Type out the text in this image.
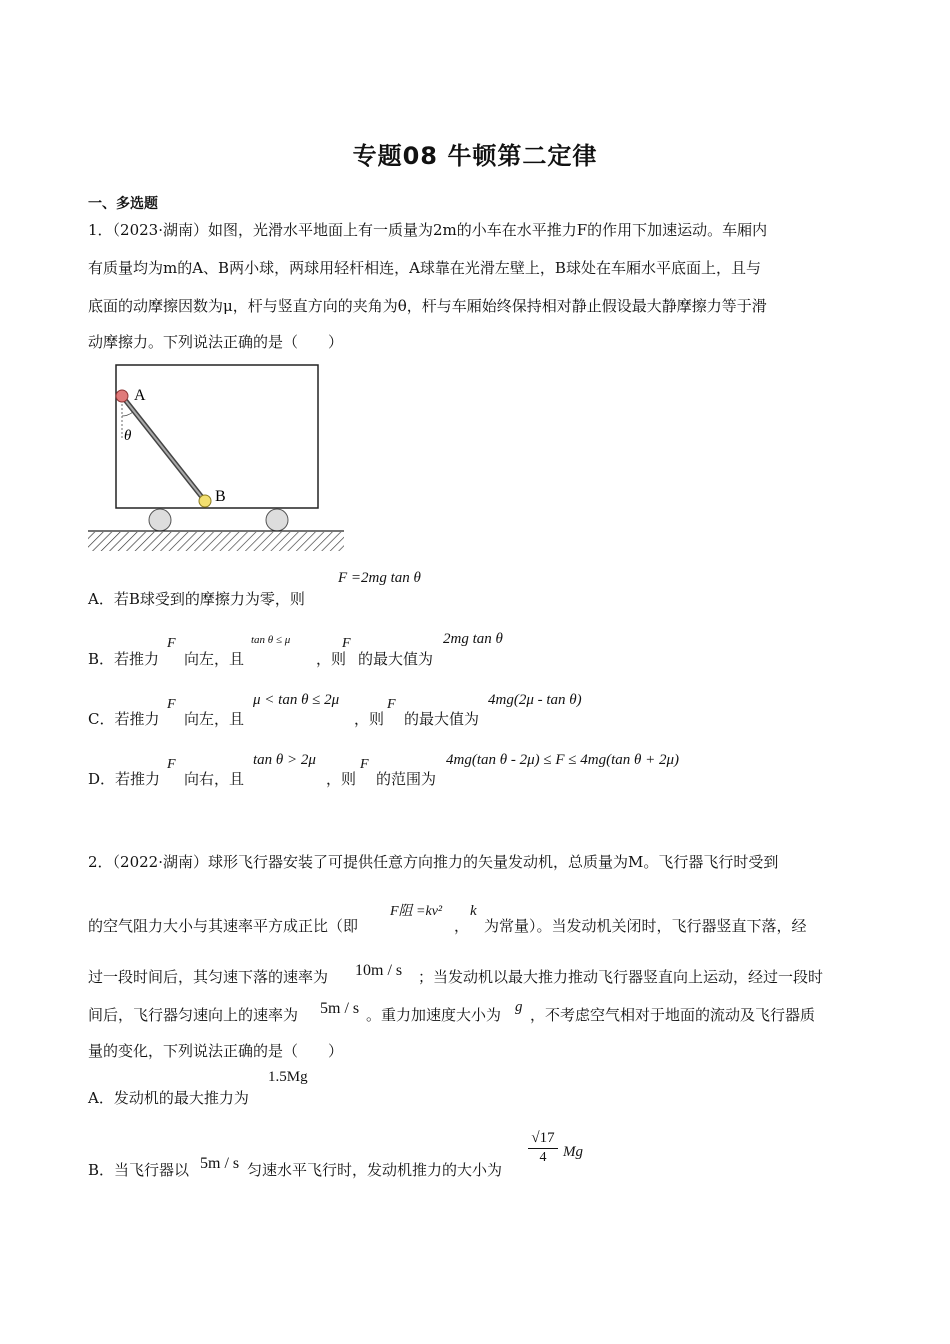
专题08 牛顿第二定律
一、多选题
1．（2023·湖南）如图，光滑水平地面上有一质量为2m的小车在水平推力F的作用下加速运动。车厢内
有质量均为m的A、B两小球，两球用轻杆相连，A球靠在光滑左壁上，B球处在车厢水平底面上，且与
底面的动摩擦因数为μ，杆与竖直方向的夹角为θ，杆与车厢始终保持相对静止假设最大静摩擦力等于滑
动摩擦力。下列说法正确的是（　　）
A
B
θ
A．若B球受到的摩擦力为零，则
F =2mg tan θ
B．若推力
F
向左，且
tan θ ≤ μ
，则
F
的最大值为
2mg tan θ
C．若推力
F
向左，且
μ < tan θ ≤ 2μ
，则
F
的最大值为
4mg(2μ - tan θ)
D．若推力
F
向右，且
tan θ > 2μ
，则
F
的范围为
4mg(tan θ - 2μ) ≤ F ≤ 4mg(tan θ + 2μ)
2．（2022·湖南）球形飞行器安装了可提供任意方向推力的矢量发动机，总质量为M。飞行器飞行时受到
的空气阻力大小与其速率平方成正比（即
F阻 =kv²
，
k
为常量）。当发动机关闭时，飞行器竖直下落，经
过一段时间后，其匀速下落的速率为 10m / s ；当发动机以最大推力推动飞行器竖直向上运动，经过一段时
间后，飞行器匀速向上的速率为 5m / s 。重力加速度大小为 g ，不考虑空气相对于地面的流动及飞行器质
量的变化，下列说法正确的是（　　）
A．发动机的最大推力为
1.5Mg
B．当飞行器以 5m / s 匀速水平飞行时，发动机推力的大小为
$\frac{√17}{4}$ Mg
